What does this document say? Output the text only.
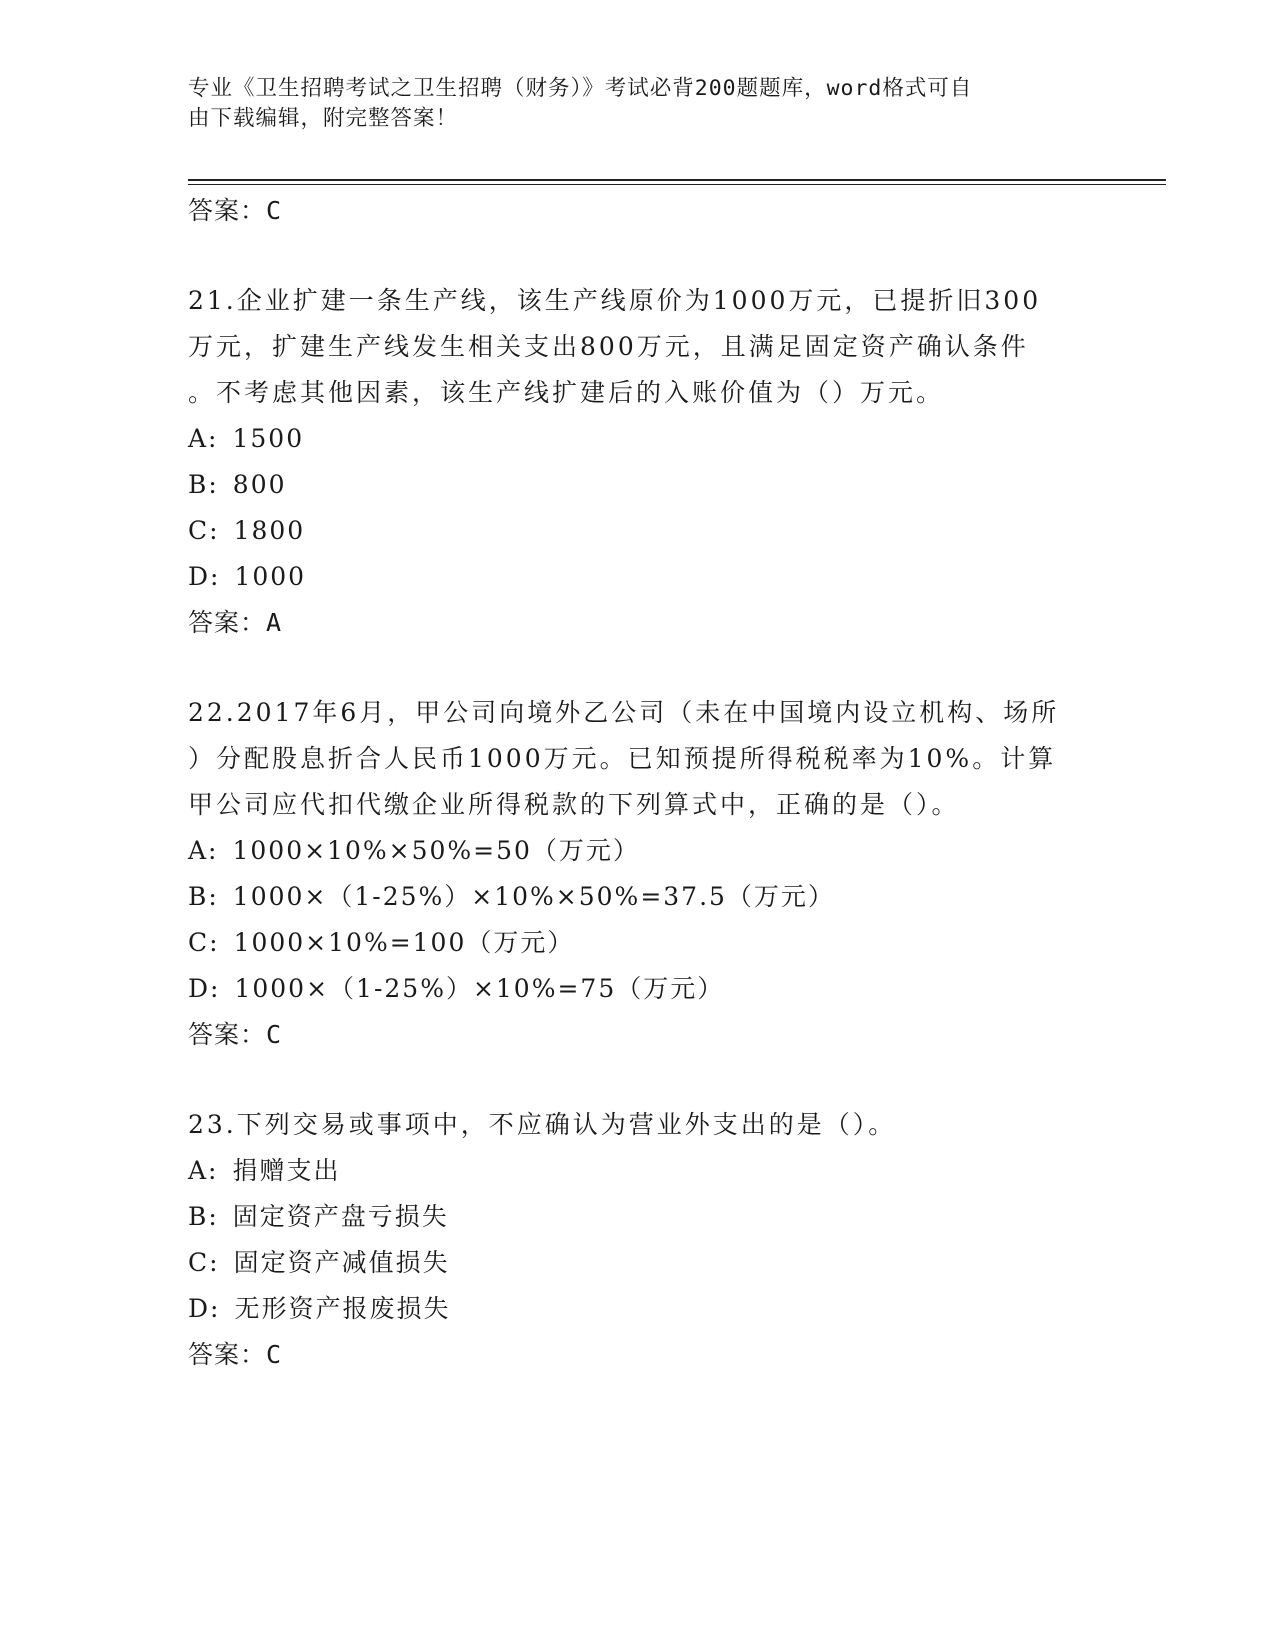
专业《卫生招聘考试之卫生招聘（财务）》考试必背200题题库，word格式可自
由下载编辑，附完整答案！
答案：C
21.企业扩建一条生产线，该生产线原价为1000万元，已提折旧300
万元，扩建生产线发生相关支出800万元，且满足固定资产确认条件
。不考虑其他因素，该生产线扩建后的入账价值为（）万元。
A: 1500
B: 800
C: 1800
D: 1000
答案：A
22.2017年6月，甲公司向境外乙公司（未在中国境内设立机构、场所
）分配股息折合人民币1000万元。已知预提所得税税率为10%。计算
甲公司应代扣代缴企业所得税款的下列算式中，正确的是（）。
A: 1000×10%×50%=50（万元）
B: 1000×（1-25%）×10%×50%=37.5（万元）
C: 1000×10%=100（万元）
D: 1000×（1-25%）×10%=75（万元）
答案：C
23.下列交易或事项中，不应确认为营业外支出的是（）。
A: 捐赠支出
B: 固定资产盘亏损失
C: 固定资产减值损失
D: 无形资产报废损失
答案：C
